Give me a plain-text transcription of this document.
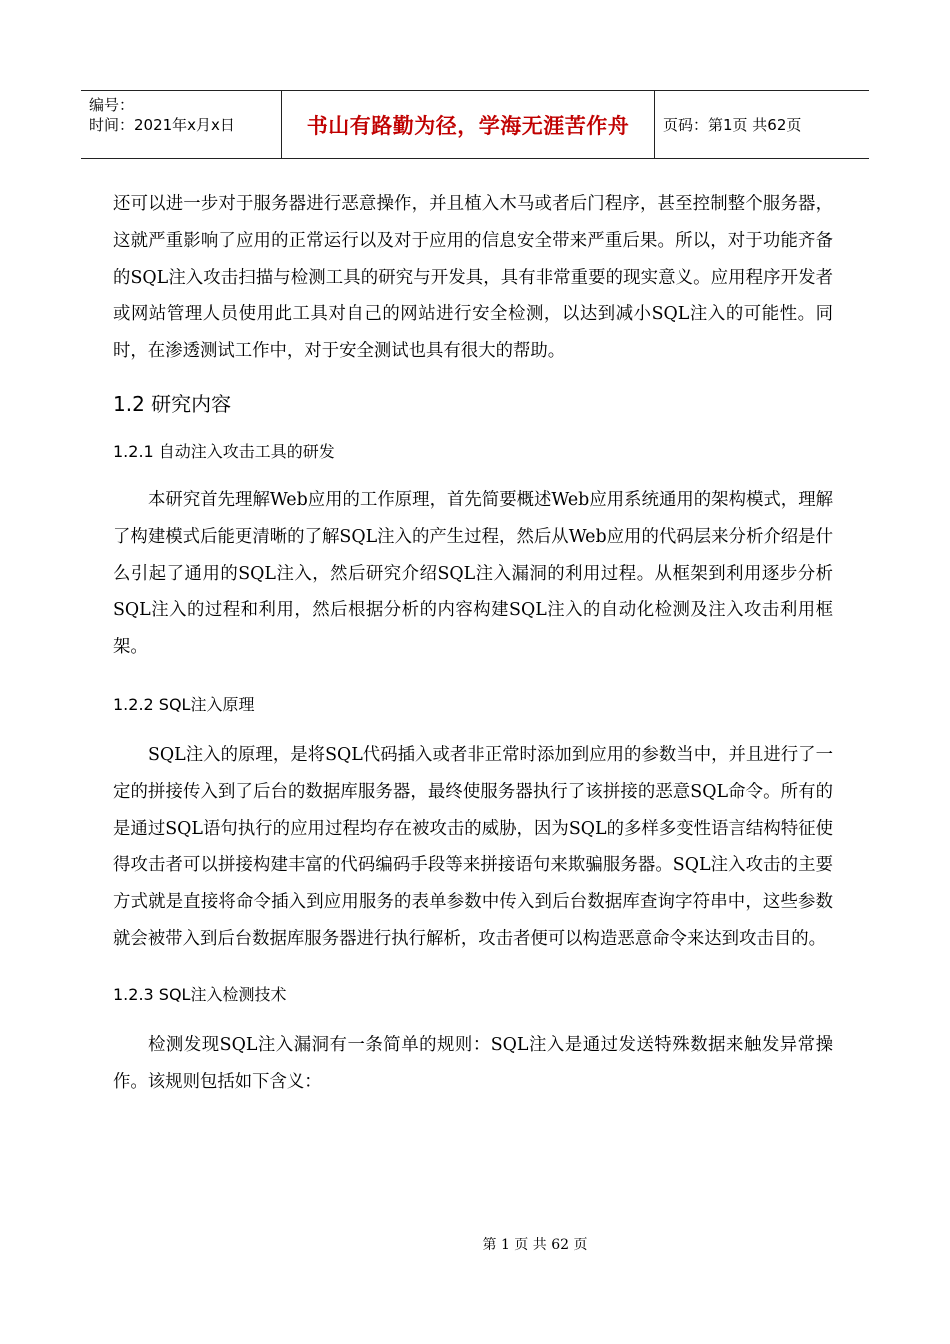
编号：
时间：2021年x月x日	书山有路勤为径，学海无涯苦作舟	页码：第1页 共62页

还可以进一步对于服务器进行恶意操作，并且植入木马或者后门程序，甚至控制整个服务器，这就严重影响了应用的正常运行以及对于应用的信息安全带来严重后果。所以，对于功能齐备的SQL注入攻击扫描与检测工具的研究与开发具，具有非常重要的现实意义。应用程序开发者或网站管理人员使用此工具对自己的网站进行安全检测，以达到减小SQL注入的可能性。同时，在渗透测试工作中，对于安全测试也具有很大的帮助。

1.2 研究内容
1.2.1 自动注入攻击工具的研发

本研究首先理解Web应用的工作原理，首先简要概述Web应用系统通用的架构模式，理解了构建模式后能更清晰的了解SQL注入的产生过程，然后从Web应用的代码层来分析介绍是什么引起了通用的SQL注入，然后研究介绍SQL注入漏洞的利用过程。从框架到利用逐步分析SQL注入的过程和利用，然后根据分析的内容构建SQL注入的自动化检测及注入攻击利用框架。

1.2.2 SQL注入原理

SQL注入的原理，是将SQL代码插入或者非正常时添加到应用的参数当中，并且进行了一定的拼接传入到了后台的数据库服务器，最终使服务器执行了该拼接的恶意SQL命令。所有的是通过SQL语句执行的应用过程均存在被攻击的威胁，因为SQL的多样多变性语言结构特征使得攻击者可以拼接构建丰富的代码编码手段等来拼接语句来欺骗服务器。SQL注入攻击的主要方式就是直接将命令插入到应用服务的表单参数中传入到后台数据库查询字符串中，这些参数就会被带入到后台数据库服务器进行执行解析，攻击者便可以构造恶意命令来达到攻击目的。

1.2.3 SQL注入检测技术

检测发现SQL注入漏洞有一条简单的规则：SQL注入是通过发送特殊数据来触发异常操作。该规则包括如下含义：

第 1 页 共 62 页
